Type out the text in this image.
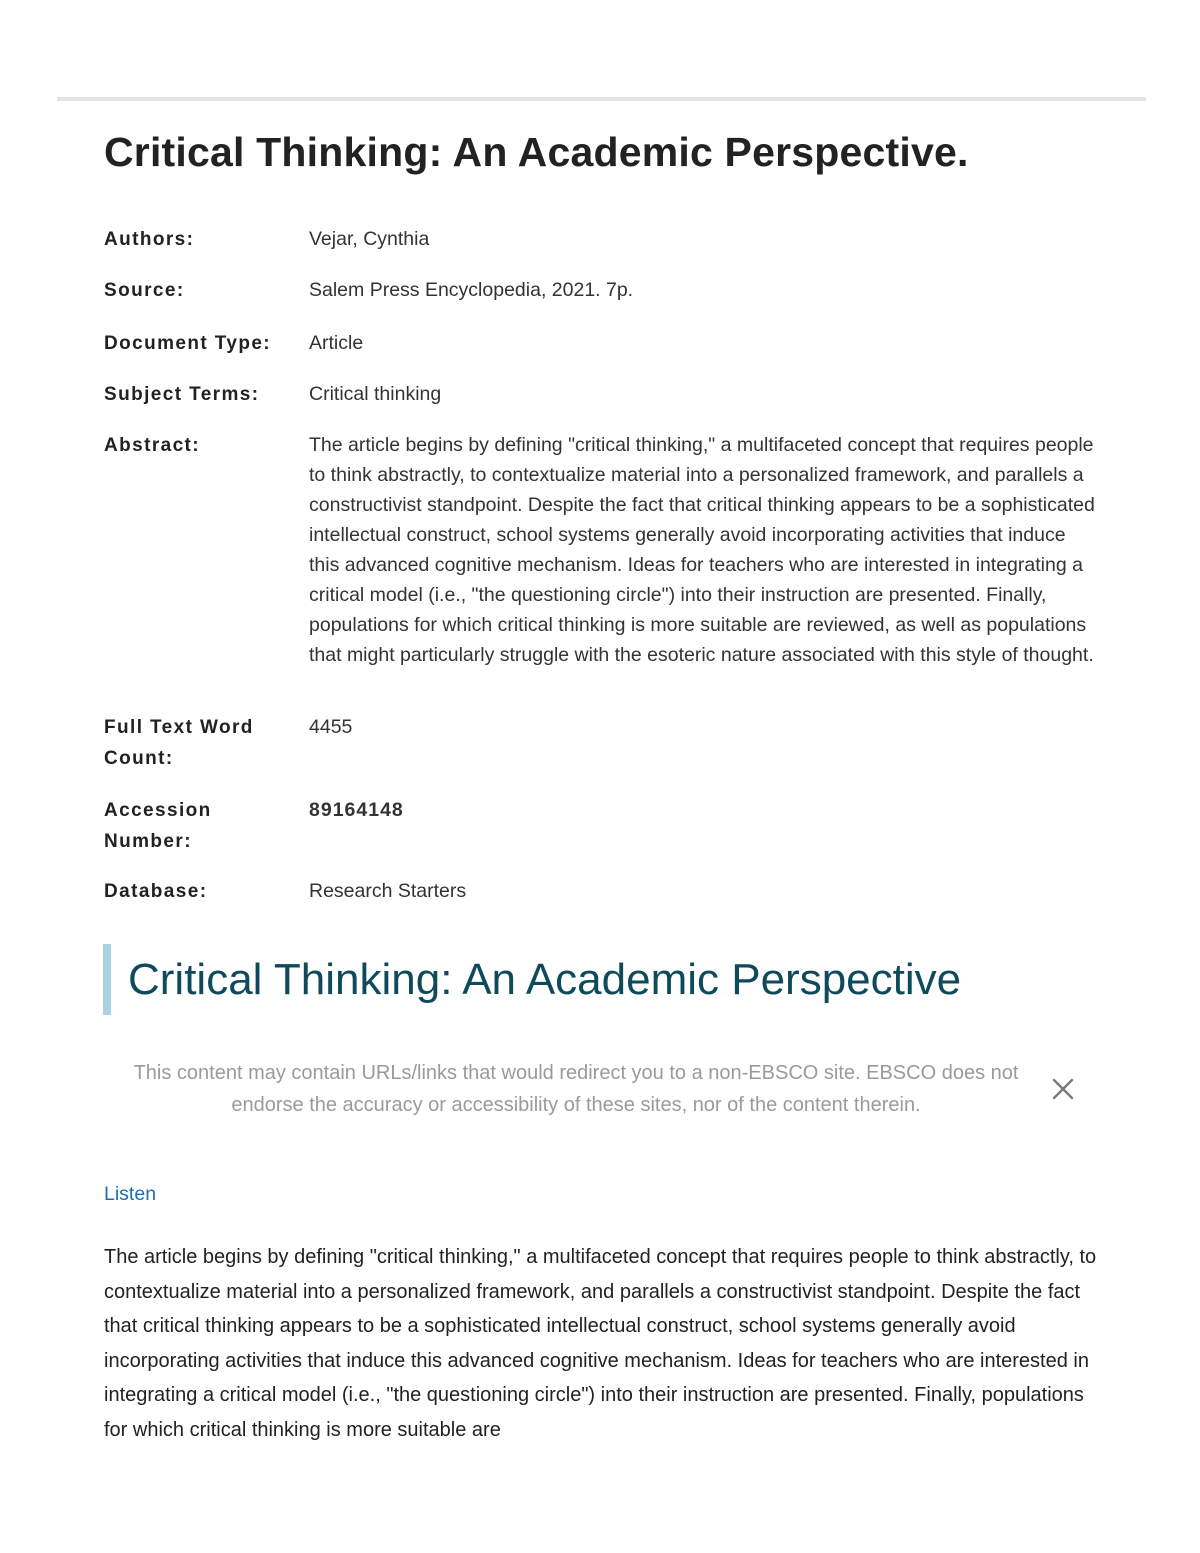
Critical Thinking: An Academic Perspective.
Authors:	Vejar, Cynthia
Source:	Salem Press Encyclopedia, 2021. 7p.
Document Type:	Article
Subject Terms:	Critical thinking
Abstract:	The article begins by defining "critical thinking," a multifaceted concept that requires people to think abstractly, to contextualize material into a personalized framework, and parallels a constructivist standpoint. Despite the fact that critical thinking appears to be a sophisticated intellectual construct, school systems generally avoid incorporating activities that induce this advanced cognitive mechanism. Ideas for teachers who are interested in integrating a critical model (i.e., "the questioning circle") into their instruction are presented. Finally, populations for which critical thinking is more suitable are reviewed, as well as populations that might particularly struggle with the esoteric nature associated with this style of thought.
Full Text Word Count:
4455
Accession Number:
89164148
Database:	Research Starters
Critical Thinking: An Academic Perspective
This content may contain URLs/links that would redirect you to a non-EBSCO site. EBSCO does not endorse the accuracy or accessibility of these sites, nor of the content therein.
Listen

The article begins by defining "critical thinking," a multifaceted concept that requires people to think abstractly, to contextualize material into a personalized framework, and parallels a constructivist standpoint. Despite the fact that critical thinking appears to be a sophisticated intellectual construct, school systems generally avoid incorporating activities that induce this advanced cognitive mechanism. Ideas for teachers who are interested in integrating a critical model (i.e., "the questioning circle") into their instruction are presented. Finally, populations for which critical thinking is more suitable are
